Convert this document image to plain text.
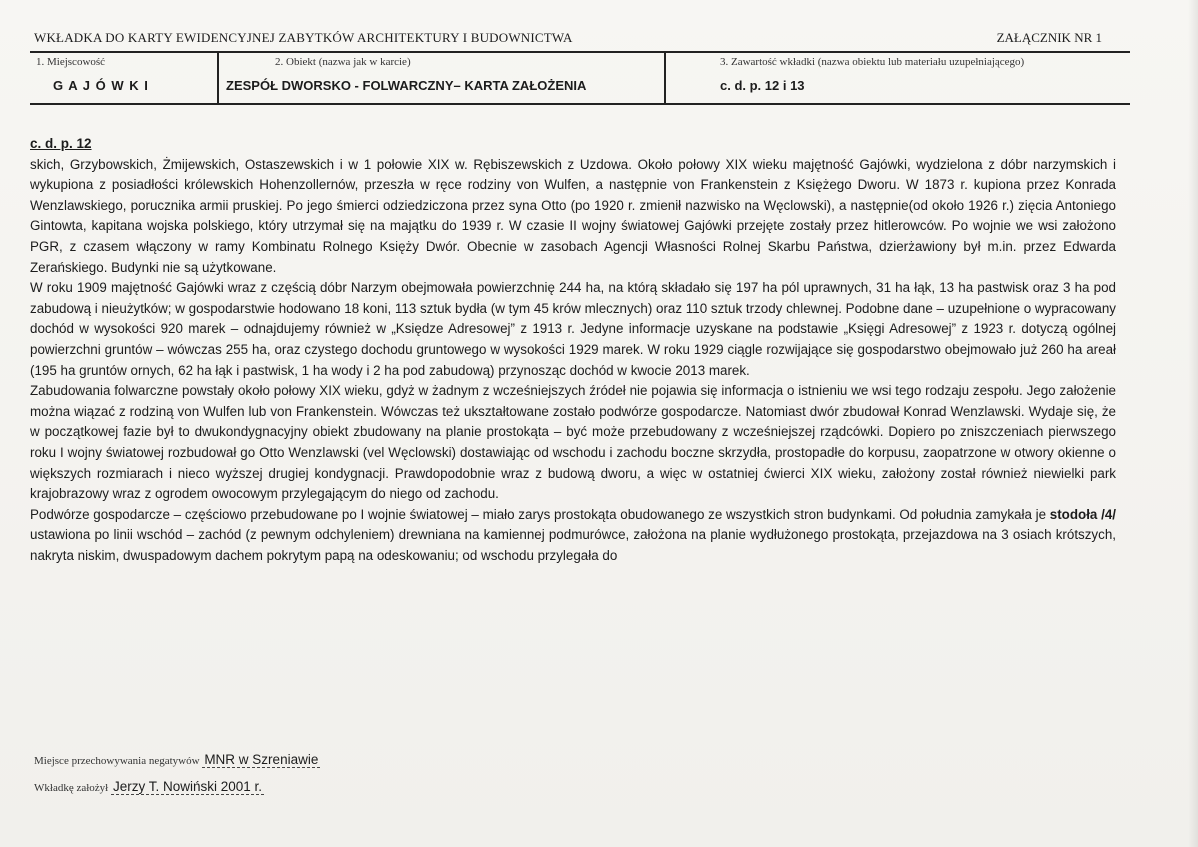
WKŁADKA DO KARTY EWIDENCYJNEJ ZABYTKÓW ARCHITEKTURY I BUDOWNICTWA	ZAŁĄCZNIK NR 1
1. Miejscowość
G A J Ó W K I
2. Obiekt (nazwa jak w karcie)
ZESPÓŁ DWORSKO - FOLWARCZNY– KARTA ZAŁOŻENIA
3. Zawartość wkładki (nazwa obiektu lub materiału uzupełniającego)
c. d. p. 12 i 13
c. d. p. 12

skich, Grzybowskich, Żmijewskich, Ostaszewskich i w 1 połowie XIX w. Rębiszewskich z Uzdowa. Około połowy XIX wieku majętność Gajówki, wydzielona z dóbr narzymskich i wykupiona z posiadłości królewskich Hohenzollernów, przeszła w ręce rodziny von Wulfen, a następnie von Frankenstein z Księżego Dworu. W 1873 r. kupiona przez Konrada Wenzlawskiego, porucznika armii pruskiej. Po jego śmierci odziedziczona przez syna Otto (po 1920 r. zmienił nazwisko na Węclowski), a następnie(od około 1926 r.) zięcia Antoniego Gintowta, kapitana wojska polskiego, który utrzymał się na majątku do 1939 r. W czasie II wojny światowej Gajówki przejęte zostały przez hitlerowców. Po wojnie we wsi założono PGR, z czasem włączony w ramy Kombinatu Rolnego Księży Dwór. Obecnie w zasobach Agencji Własności Rolnej Skarbu Państwa, dzierżawiony był m.in. przez Edwarda Zerańskiego. Budynki nie są użytkowane.

W roku 1909 majętność Gajówki wraz z częścią dóbr Narzym obejmowała powierzchnię 244 ha, na którą składało się 197 ha pól uprawnych, 31 ha łąk, 13 ha pastwisk oraz 3 ha pod zabudową i nieużytków; w gospodarstwie hodowano 18 koni, 113 sztuk bydła (w tym 45 krów mlecznych) oraz 110 sztuk trzody chlewnej. Podobne dane – uzupełnione o wypracowany dochód w wysokości 920 marek – odnajdujemy również w „Księdze Adresowej” z 1913 r. Jedyne informacje uzyskane na podstawie „Księgi Adresowej” z 1923 r. dotyczą ogólnej powierzchni gruntów – wówczas 255 ha, oraz czystego dochodu gruntowego w wysokości 1929 marek. W roku 1929 ciągle rozwijające się gospodarstwo obejmowało już 260 ha areał (195 ha gruntów ornych, 62 ha łąk i pastwisk, 1 ha wody i 2 ha pod zabudową) przynosząc dochód w kwocie 2013 marek.

Zabudowania folwarczne powstały około połowy XIX wieku, gdyż w żadnym z wcześniejszych źródeł nie pojawia się informacja o istnieniu we wsi tego rodzaju zespołu. Jego założenie można wiązać z rodziną von Wulfen lub von Frankenstein. Wówczas też ukształtowane zostało podwórze gospodarcze. Natomiast dwór zbudował Konrad Wenzlawski. Wydaje się, że w początkowej fazie był to dwukondygnacyjny obiekt zbudowany na planie prostokąta – być może przebudowany z wcześniejszej rządcówki. Dopiero po zniszczeniach pierwszego roku I wojny światowej rozbudował go Otto Wenzlawski (vel Węclowski) dostawiając od wschodu i zachodu boczne skrzydła, prostopadłe do korpusu, zaopatrzone w otwory okienne o większych rozmiarach i nieco wyższej drugiej kondygnacji. Prawdopodobnie wraz z budową dworu, a więc w ostatniej ćwierci XIX wieku, założony został również niewielki park krajobrazowy wraz z ogrodem owocowym przylegającym do niego od zachodu.

Podwórze gospodarcze – częściowo przebudowane po I wojnie światowej – miało zarys prostokąta obudowanego ze wszystkich stron budynkami. Od południa zamykała je stodoła /4/ ustawiona po linii wschód – zachód (z pewnym odchyleniem) drewniana na kamiennej podmurówce, założona na planie wydłużonego prostokąta, przejazdowa na 3 osiach krótszych, nakryta niskim, dwuspadowym dachem pokrytym papą na odeskowaniu; od wschodu przylegała do

Miejsce przechowywania negatywów MNR w Szreniawie
Wkładkę założył Jerzy T. Nowiński 2001 r.
